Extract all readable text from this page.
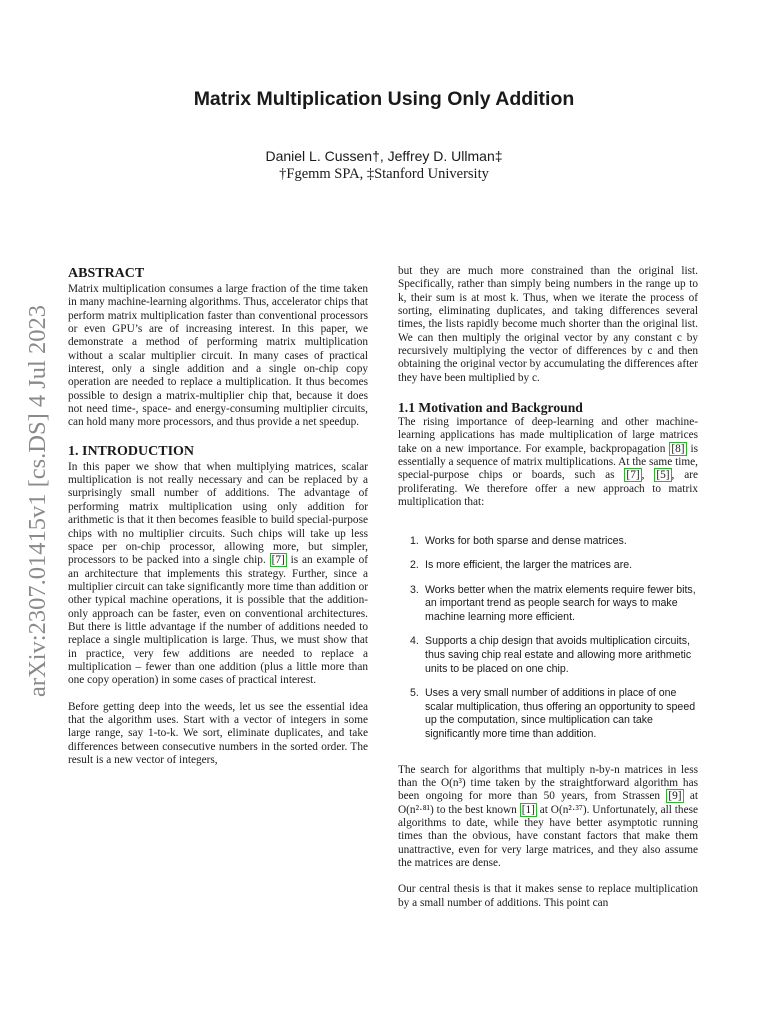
arXiv:2307.01415v1 [cs.DS] 4 Jul 2023
Matrix Multiplication Using Only Addition
Daniel L. Cussen†, Jeffrey D. Ullman‡
†Fgemm SPA, ‡Stanford University
ABSTRACT

Matrix multiplication consumes a large fraction of the time taken in many machine-learning algorithms. Thus, accelerator chips that perform matrix multiplication faster than conventional processors or even GPU’s are of increasing interest. In this paper, we demonstrate a method of performing matrix multiplication without a scalar multiplier circuit. In many cases of practical interest, only a single addition and a single on-chip copy operation are needed to replace a multiplication. It thus becomes possible to design a matrix-multiplier chip that, because it does not need time-, space- and energy-consuming multiplier circuits, can hold many more processors, and thus provide a net speedup.

1. INTRODUCTION

In this paper we show that when multiplying matrices, scalar multiplication is not really necessary and can be replaced by a surprisingly small number of additions. The advantage of performing matrix multiplication using only addition for arithmetic is that it then becomes feasible to build special-purpose chips with no multiplier circuits. Such chips will take up less space per on-chip processor, allowing more, but simpler, processors to be packed into a single chip. [7] is an example of an architecture that implements this strategy. Further, since a multiplier circuit can take significantly more time than addition or other typical machine operations, it is possible that the addition-only approach can be faster, even on conventional architectures. But there is little advantage if the number of additions needed to replace a single multiplication is large. Thus, we must show that in practice, very few additions are needed to replace a multiplication – fewer than one addition (plus a little more than one copy operation) in some cases of practical interest.

Before getting deep into the weeds, let us see the essential idea that the algorithm uses. Start with a vector of integers in some large range, say 1-to-k. We sort, eliminate duplicates, and take differences between consecutive numbers in the sorted order. The result is a new vector of integers,

but they are much more constrained than the original list. Specifically, rather than simply being numbers in the range up to k, their sum is at most k. Thus, when we iterate the process of sorting, eliminating duplicates, and taking differences several times, the lists rapidly become much shorter than the original list. We can then multiply the original vector by any constant c by recursively multiplying the vector of differences by c and then obtaining the original vector by accumulating the differences after they have been multiplied by c.

1.1 Motivation and Background

The rising importance of deep-learning and other machine-learning applications has made multiplication of large matrices take on a new importance. For example, backpropagation [8] is essentially a sequence of matrix multiplications. At the same time, special-purpose chips or boards, such as [7] , [5] , are proliferating. We therefore offer a new approach to matrix multiplication that:

1. Works for both sparse and dense matrices.
2. Is more efficient, the larger the matrices are.
3. Works better when the matrix elements require fewer bits, an important trend as people search for ways to make machine learning more efficient.
4. Supports a chip design that avoids multiplication circuits, thus saving chip real estate and allowing more arithmetic units to be placed on one chip.
5. Uses a very small number of additions in place of one scalar multiplication, thus offering an opportunity to speed up the computation, since multiplication can take significantly more time than addition.

The search for algorithms that multiply n-by-n matrices in less than the O(n³) time taken by the straightforward algorithm has been ongoing for more than 50 years, from Strassen [9] at O(n²·⁸¹) to the best known [1] at O(n²·³⁷). Unfortunately, all these algorithms to date, while they have better asymptotic running times than the obvious, have constant factors that make them unattractive, even for very large matrices, and they also assume the matrices are dense.

Our central thesis is that it makes sense to replace multiplication by a small number of additions. This point can
